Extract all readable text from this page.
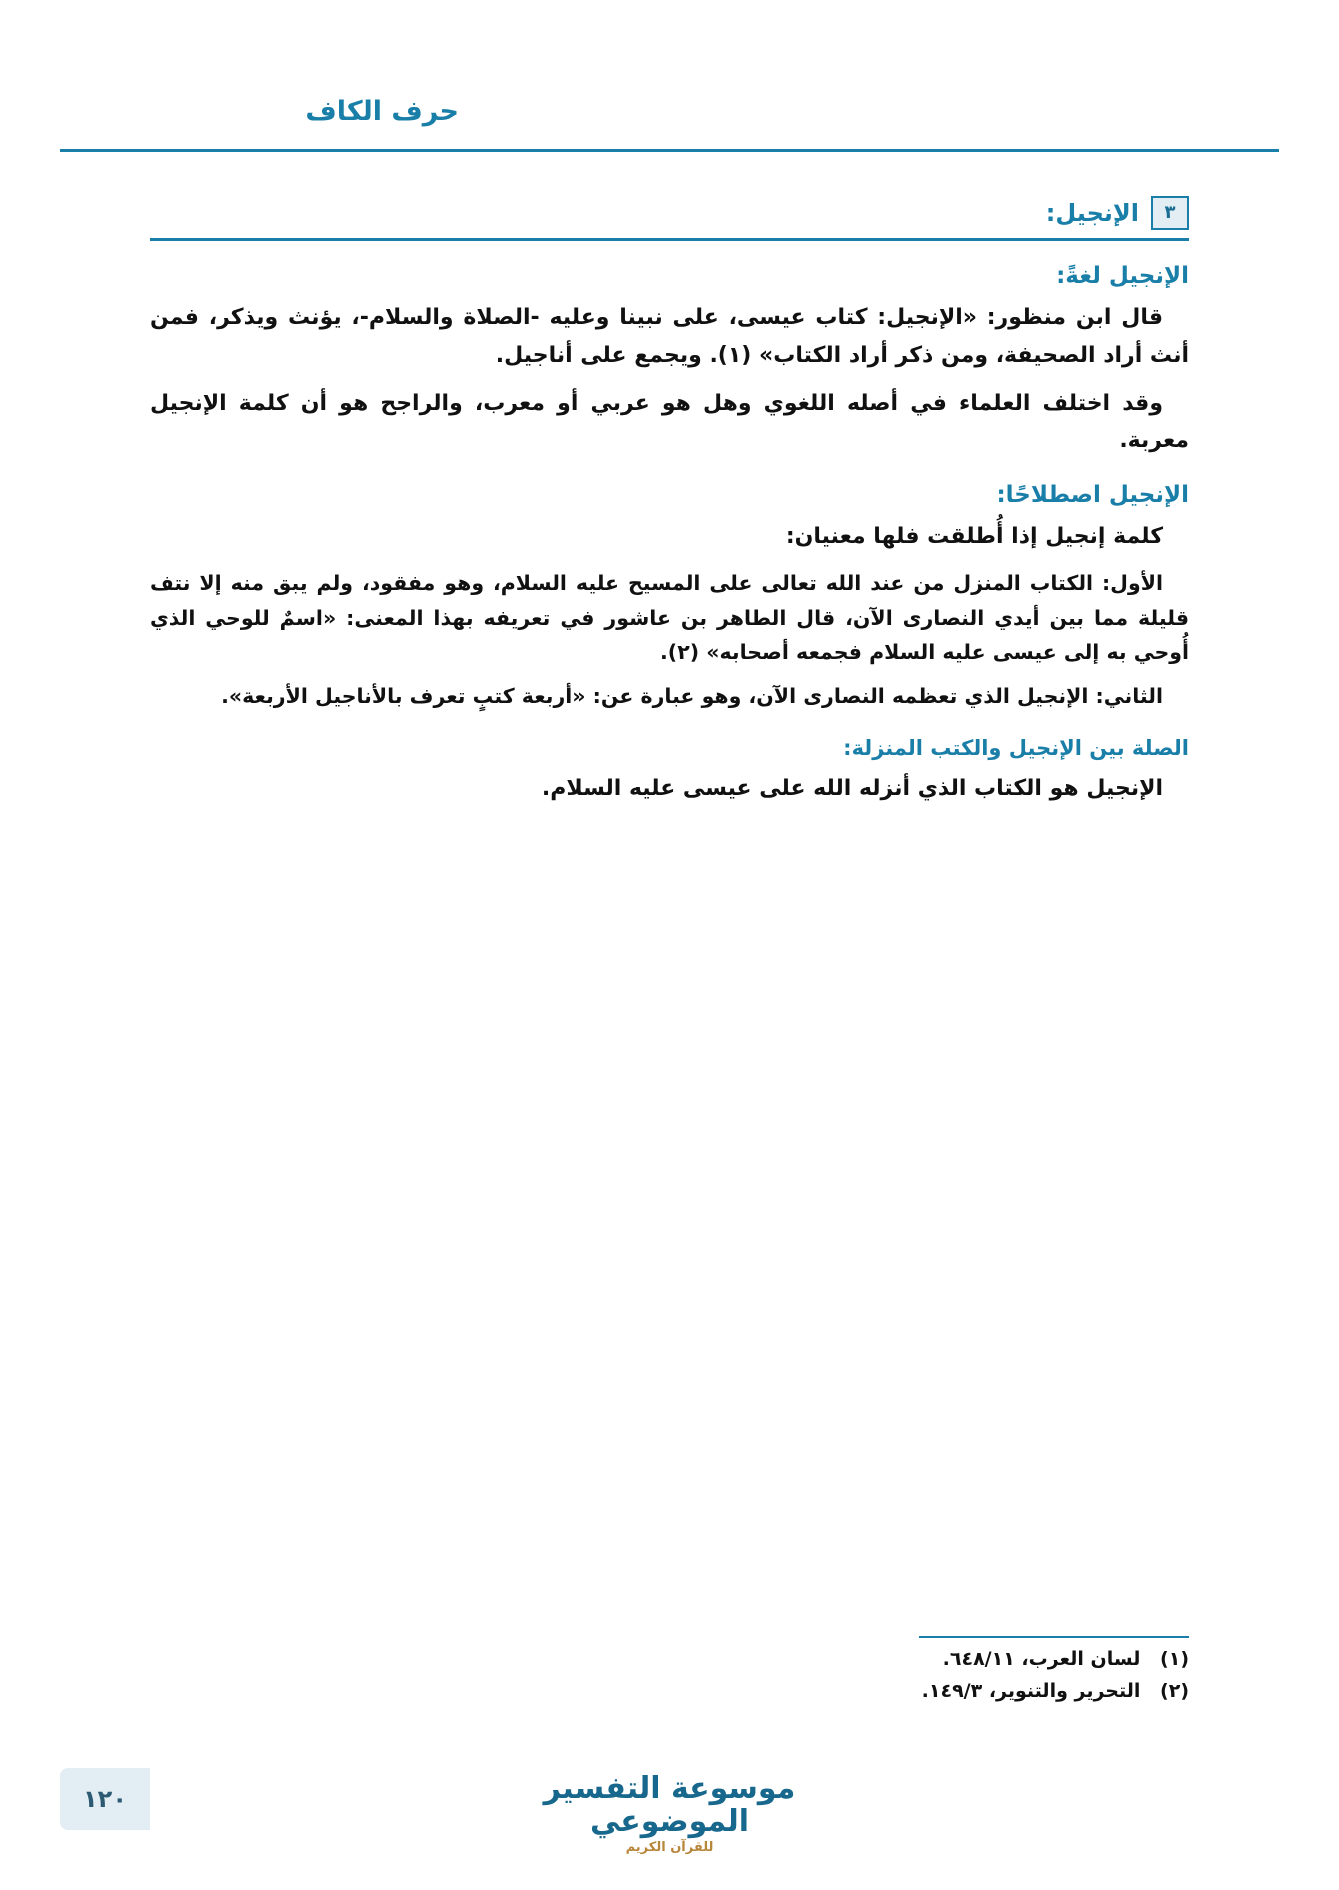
حرف الكاف
٣
الإنجيل:
الإنجيل لغةً:

قال ابن منظور: «الإنجيل: كتاب عيسى، على نبينا وعليه -الصلاة والسلام-، يؤنث ويذكر، فمن أنث أراد الصحيفة، ومن ذكر أراد الكتاب» (١). ويجمع على أناجيل.

وقد اختلف العلماء في أصله اللغوي وهل هو عربي أو معرب، والراجح هو أن كلمة الإنجيل معربة.

الإنجيل اصطلاحًا:

كلمة إنجيل إذا أُطلقت فلها معنيان:

الأول: الكتاب المنزل من عند الله تعالى على المسيح عليه السلام، وهو مفقود، ولم يبق منه إلا نتف قليلة مما بين أيدي النصارى الآن، قال الطاهر بن عاشور في تعريفه بهذا المعنى: «اسمٌ للوحي الذي أُوحي به إلى عيسى عليه السلام فجمعه أصحابه» (٢).

الثاني: الإنجيل الذي تعظمه النصارى الآن، وهو عبارة عن: «أربعة كتبٍ تعرف بالأناجيل الأربعة».

الصلة بين الإنجيل والكتب المنزلة:

الإنجيل هو الكتاب الذي أنزله الله على عيسى عليه السلام.

(١) لسان العرب، ٦٤٨/١١.
(٢) التحرير والتنوير، ١٤٩/٣.
موسوعة التفسير الموضوعي
للقرآن الكريم
١٢٠
